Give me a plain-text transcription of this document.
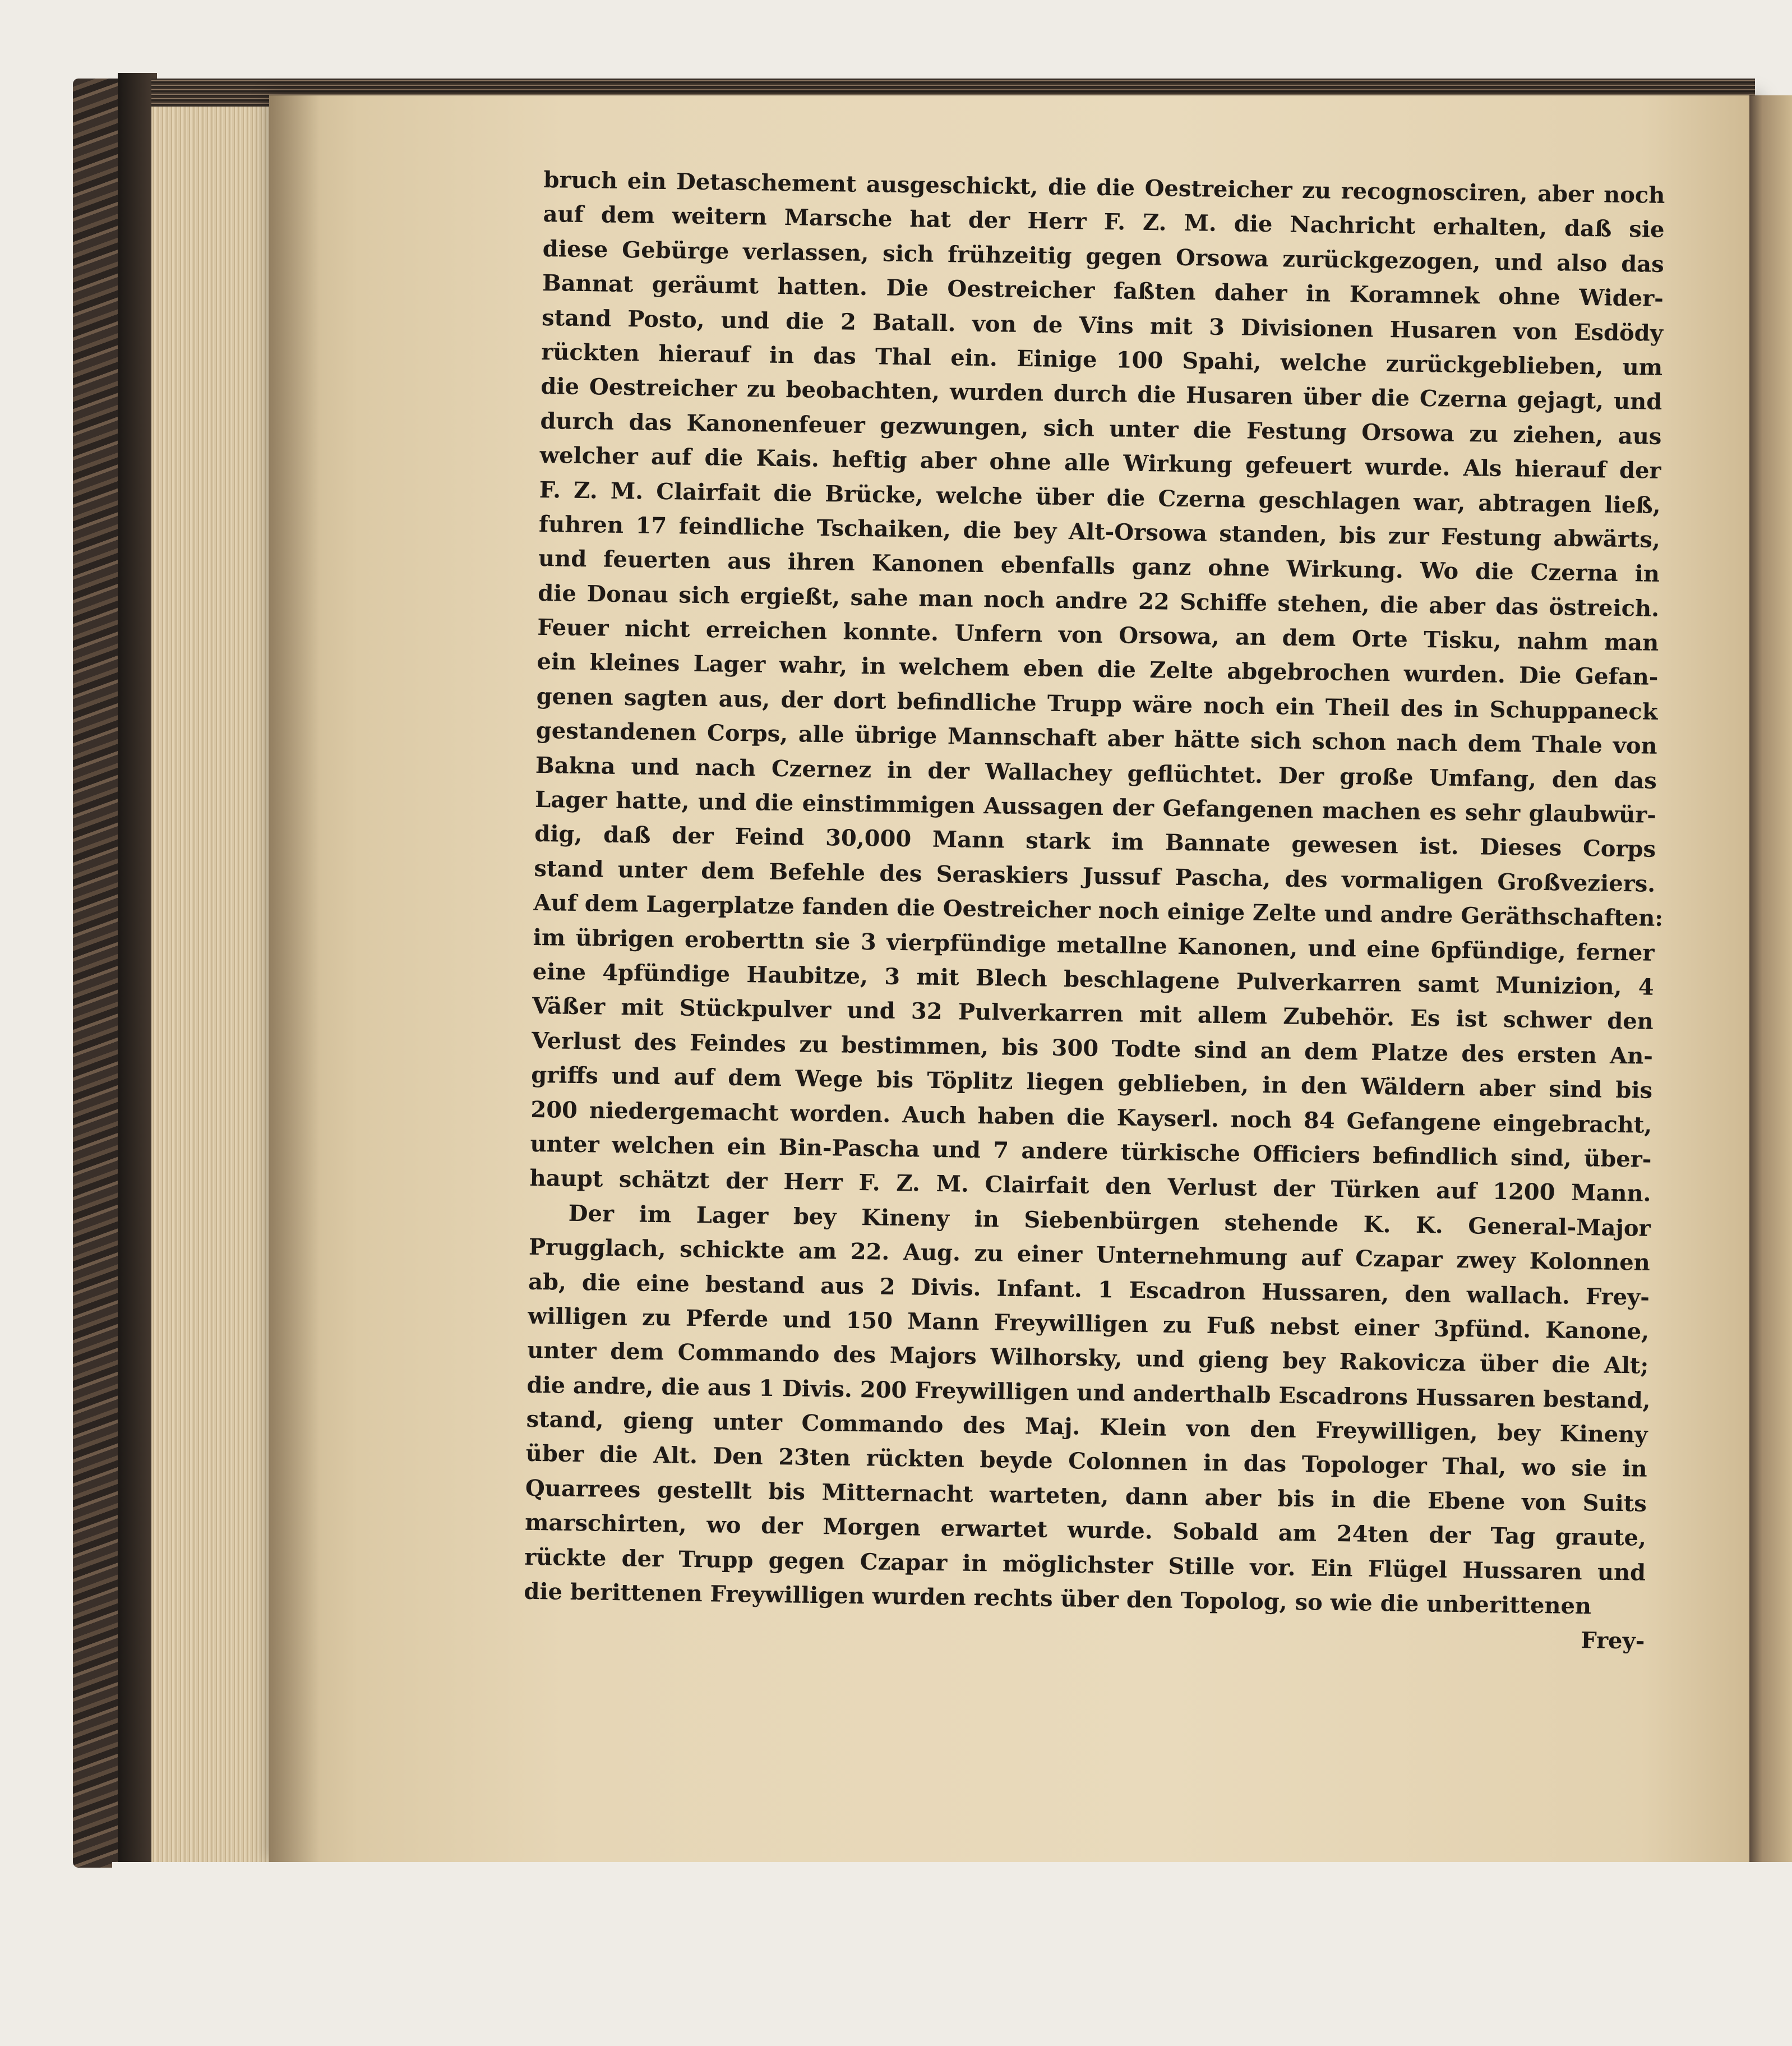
bruch ein Detaschement ausgeschickt, die die Oestreicher zu recognosciren, aber noch
auf dem weitern Marsche hat der Herr F. Z. M. die Nachricht erhalten, daß sie
diese Gebürge verlassen, sich frühzeitig gegen Orsowa zurückgezogen, und also das
Bannat geräumt hatten. Die Oestreicher faßten daher in Koramnek ohne Wider-
stand Posto, und die 2 Batall. von de Vins mit 3 Divisionen Husaren von Esdödy
rückten hierauf in das Thal ein. Einige 100 Spahi, welche zurückgeblieben, um
die Oestreicher zu beobachten, wurden durch die Husaren über die Czerna gejagt, und
durch das Kanonenfeuer gezwungen, sich unter die Festung Orsowa zu ziehen, aus
welcher auf die Kais. heftig aber ohne alle Wirkung gefeuert wurde. Als hierauf der
F. Z. M. Clairfait die Brücke, welche über die Czerna geschlagen war, abtragen ließ,
fuhren 17 feindliche Tschaiken, die bey Alt-Orsowa standen, bis zur Festung abwärts,
und feuerten aus ihren Kanonen ebenfalls ganz ohne Wirkung. Wo die Czerna in
die Donau sich ergießt, sahe man noch andre 22 Schiffe stehen, die aber das östreich.
Feuer nicht erreichen konnte. Unfern von Orsowa, an dem Orte Tisku, nahm man
ein kleines Lager wahr, in welchem eben die Zelte abgebrochen wurden. Die Gefan-
genen sagten aus, der dort befindliche Trupp wäre noch ein Theil des in Schuppaneck
gestandenen Corps, alle übrige Mannschaft aber hätte sich schon nach dem Thale von
Bakna und nach Czernez in der Wallachey geflüchtet. Der große Umfang, den das
Lager hatte, und die einstimmigen Aussagen der Gefangenen machen es sehr glaubwür-
dig, daß der Feind 30,000 Mann stark im Bannate gewesen ist. Dieses Corps
stand unter dem Befehle des Seraskiers Jussuf Pascha, des vormaligen Großveziers.
Auf dem Lagerplatze fanden die Oestreicher noch einige Zelte und andre Geräthschaften:
im übrigen eroberttn sie 3 vierpfündige metallne Kanonen, und eine 6pfündige, ferner
eine 4pfündige Haubitze, 3 mit Blech beschlagene Pulverkarren samt Munizion, 4
Väßer mit Stückpulver und 32 Pulverkarren mit allem Zubehör. Es ist schwer den
Verlust des Feindes zu bestimmen, bis 300 Todte sind an dem Platze des ersten An-
griffs und auf dem Wege bis Töplitz liegen geblieben, in den Wäldern aber sind bis
200 niedergemacht worden. Auch haben die Kayserl. noch 84 Gefangene eingebracht,
unter welchen ein Bin-Pascha und 7 andere türkische Officiers befindlich sind, über-
haupt schätzt der Herr F. Z. M. Clairfait den Verlust der Türken auf 1200 Mann.
Der im Lager bey Kineny in Siebenbürgen stehende K. K. General-Major
Prugglach, schickte am 22. Aug. zu einer Unternehmung auf Czapar zwey Kolonnen
ab, die eine bestand aus 2 Divis. Infant. 1 Escadron Hussaren, den wallach. Frey-
willigen zu Pferde und 150 Mann Freywilligen zu Fuß nebst einer 3pfünd. Kanone,
unter dem Commando des Majors Wilhorsky, und gieng bey Rakovicza über die Alt;
die andre, die aus 1 Divis. 200 Freywilligen und anderthalb Escadrons Hussaren bestand,
stand, gieng unter Commando des Maj. Klein von den Freywilligen, bey Kineny
über die Alt. Den 23ten rückten beyde Colonnen in das Topologer Thal, wo sie in
Quarrees gestellt bis Mitternacht warteten, dann aber bis in die Ebene von Suits
marschirten, wo der Morgen erwartet wurde. Sobald am 24ten der Tag graute,
rückte der Trupp gegen Czapar in möglichster Stille vor. Ein Flügel Hussaren und
die berittenen Freywilligen wurden rechts über den Topolog, so wie die unberittenen
Frey-
